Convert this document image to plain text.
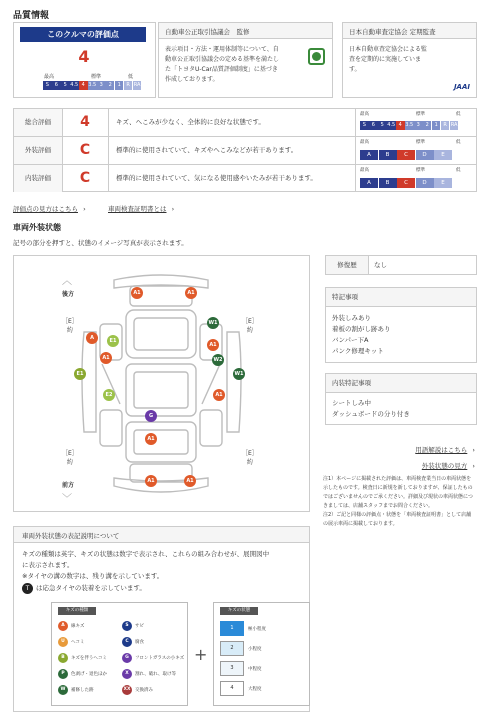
品質情報
このクルマの評価点
4
最高	標準	低
S	6	5 4.5 4 3.5 3	2	1	R RA
自動車公正取引協議会　監修
表示項目・方法・運用体制等について、自
動車公正取引協議会の定める基準を満たし
た「トヨタU-Car品質評価制度」に基づき
作成しております。
日本自動車査定協会 定期監査
日本自動車査定協会による監
査を定期的に実施していま
す。
JAAI
総合評価	4	キズ、へこみが少なく、全体的に良好な状態です。
最高	標準	低
S	6	5 4.5 4 3.5 3	2	1	R RA
外装評価	C	標準的に使用されていて、キズやへこみなどが若干あります。
最高	標準	低
A	B	C	D	E
内装評価	C	標準的に使用されていて、気になる使用感やいたみが若干あります。
最高	標準	低
A	B	C	D	E
評価点の見方はこちら ›	車両検査証明書とは ›
車両外装状態
記号の部分を押すと、状態のイメージ写真が表示されます。
︿
後方
前方
﹀
［E］
約
［E］
約
［E］
約
［E］
約
A1	A1
W1
A	E1
A1
A1	W2
E1	W1
E2	A1
G
A1
A1	A1
修復歴	なし
特記事項
外装しみあり
着板の割がし跡あり
バンパー下A
パンク修理キット
内装特記事項
シートしみ中
ダッシュボードの分り付き
用語解説はこちら ›
外装状態の見方 ›
注1）本ページに掲載された評価は、車両検査業当日の車両状態を示したものです。検査日に新規を新しておりますが、保証したものではございませんのでご承ください。詳細及び現状の車両状態につきましては、店舗スタッフまでお問合ください。
注2）ご記と同様の評価点・状態を「車両検査証明書」として店舗の展示車両に掲載しております。
車両外装状態の表記説明について
キズの種類は英字、キズの状態は数字で表示され、これらの組み合わせが、展開図中
に表示されます。
※タイヤの溝の数字は、残り溝を示しています。
T	は応急タイヤの装着を示しています。
キズの種類
A	線キズ	S	サビ
U	へコミ	C	腐食
B	キズを伴うへコミ	G	フロントガラスの小キズ
P	色剥げ・退色ほか	X	割れ、破れ、取け等
W	補修した跡	XX	交換済み
+
キズの状態
1	極小程度
2	小程度
3	中程度
4	大程度
